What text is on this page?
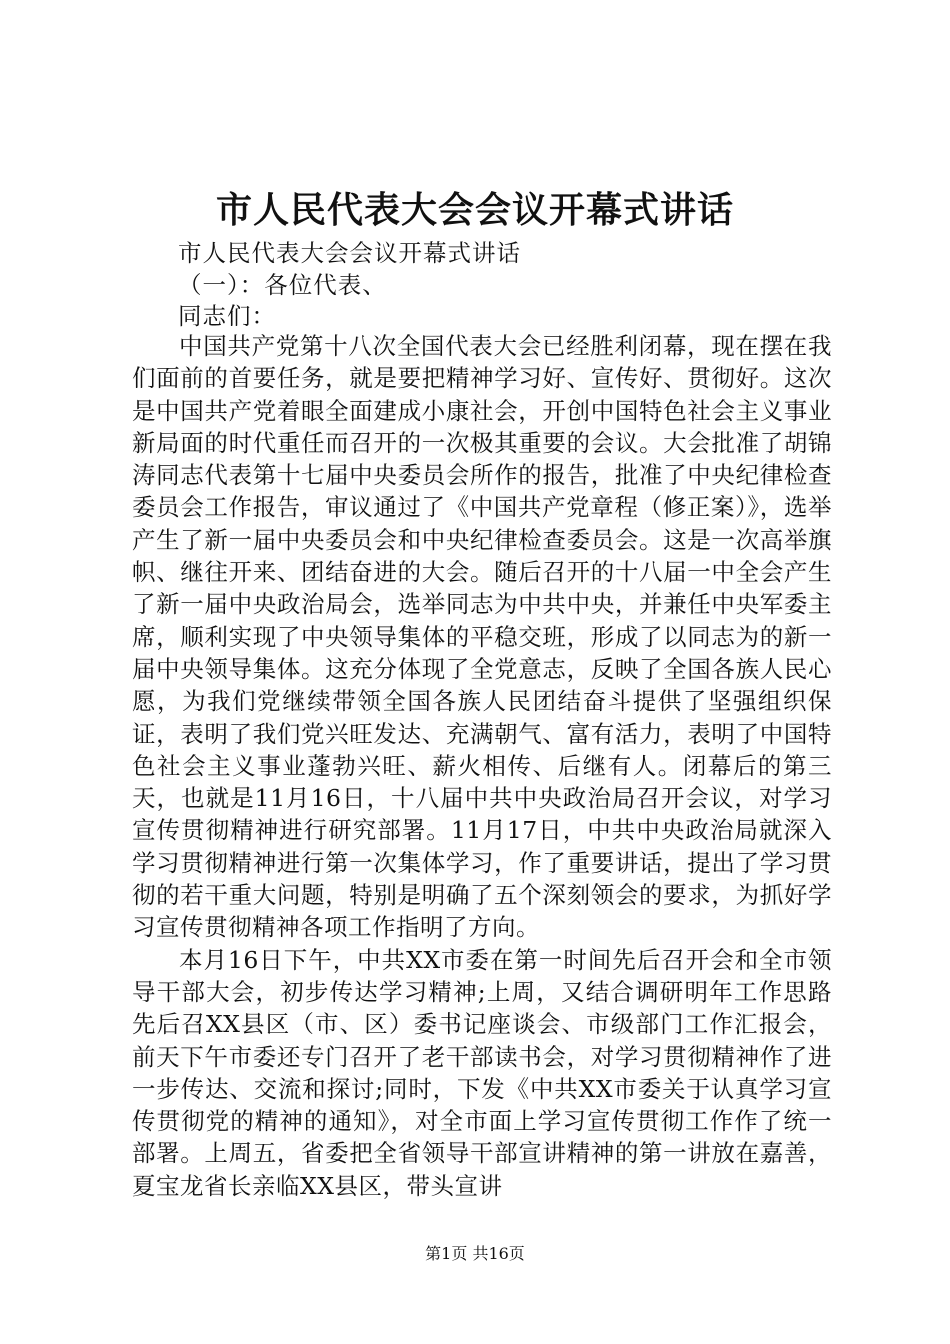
市人民代表大会会议开幕式讲话
市人民代表大会会议开幕式讲话
（一）：各位代表、
同志们：

中国共产党第十八次全国代表大会已经胜利闭幕，现在摆在我们面前的首要任务，就是要把精神学习好、宣传好、贯彻好。这次是中国共产党着眼全面建成小康社会，开创中国特色社会主义事业新局面的时代重任而召开的一次极其重要的会议。大会批准了胡锦涛同志代表第十七届中央委员会所作的报告，批准了中央纪律检查委员会工作报告，审议通过了《中国共产党章程（修正案）》，选举产生了新一届中央委员会和中央纪律检查委员会。这是一次高举旗帜、继往开来、团结奋进的大会。随后召开的十八届一中全会产生了新一届中央政治局会，选举同志为中共中央，并兼任中央军委主席，顺利实现了中央领导集体的平稳交班，形成了以同志为的新一届中央领导集体。这充分体现了全党意志，反映了全国各族人民心愿，为我们党继续带领全国各族人民团结奋斗提供了坚强组织保证，表明了我们党兴旺发达、充满朝气、富有活力，表明了中国特色社会主义事业蓬勃兴旺、薪火相传、后继有人。闭幕后的第三天，也就是11月16日，十八届中共中央政治局召开会议，对学习宣传贯彻精神进行研究部署。11月17日，中共中央政治局就深入学习贯彻精神进行第一次集体学习，作了重要讲话，提出了学习贯彻的若干重大问题，特别是明确了五个深刻领会的要求，为抓好学习宣传贯彻精神各项工作指明了方向。

本月16日下午，中共XX市委在第一时间先后召开会和全市领导干部大会，初步传达学习精神;上周，又结合调研明年工作思路先后召XX县区（市、区）委书记座谈会、市级部门工作汇报会，前天下午市委还专门召开了老干部读书会，对学习贯彻精神作了进一步传达、交流和探讨;同时，下发《中共XX市委关于认真学习宣传贯彻党的精神的通知》，对全市面上学习宣传贯彻工作作了统一部署。上周五，省委把全省领导干部宣讲精神的第一讲放在嘉善，夏宝龙省长亲临XX县区，带头宣讲

第1页 共16页
